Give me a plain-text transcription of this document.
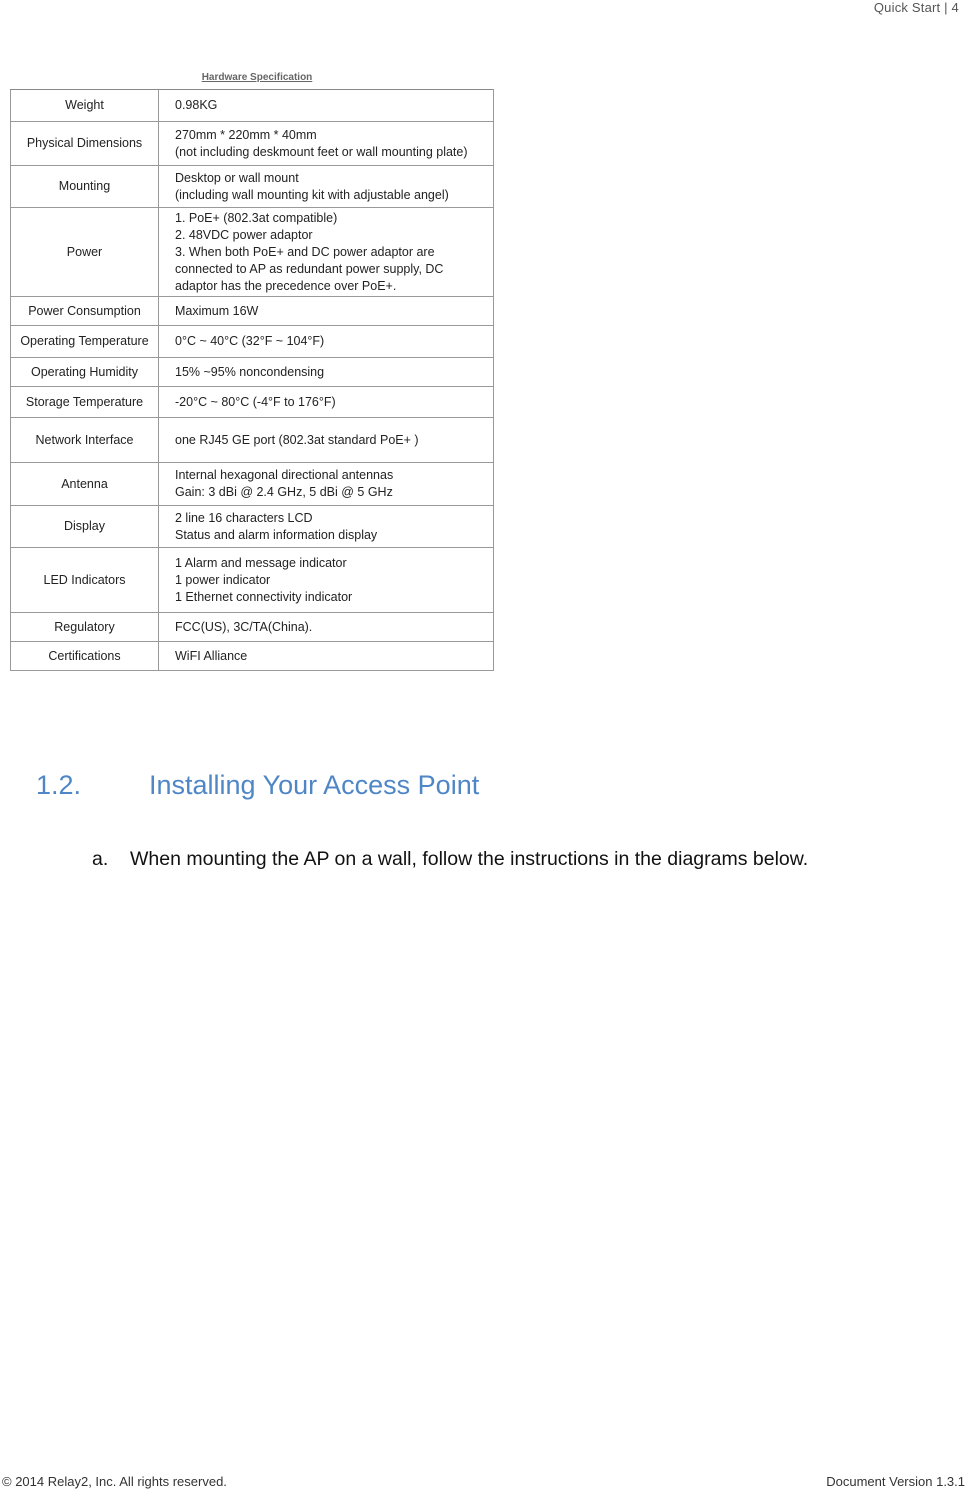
Quick Start | 4
Hardware Specification
Weight	0.98KG

Physical Dimensions	270mm * 220mm * 40mm
(not including deskmount feet or wall mounting plate)

Mounting	Desktop or wall mount
(including wall mounting kit with adjustable angel)

Power	1. PoE+ (802.3at compatible)
2. 48VDC power adaptor
3. When both PoE+ and DC power adaptor are
connected to AP as redundant power supply, DC
adaptor has the precedence over PoE+.

Power Consumption	Maximum 16W

Operating Temperature	0°C ~ 40°C (32°F ~ 104°F)

Operating Humidity	15% ~95% noncondensing

Storage Temperature	-20°C ~ 80°C (-4°F to 176°F)

Network Interface	one RJ45 GE port (802.3at standard PoE+ )

Antenna	Internal hexagonal directional antennas
Gain: 3 dBi @ 2.4 GHz, 5 dBi @ 5 GHz

Display	2 line 16 characters LCD
Status and alarm information display

LED Indicators	1 Alarm and message indicator
1 power indicator
1 Ethernet connectivity indicator

Regulatory	FCC(US), 3C/TA(China).

Certifications	WiFI Alliance
1.2.	Installing Your Access Point
a. When mounting the AP on a wall, follow the instructions in the diagrams below.
© 2014 Relay2, Inc. All rights reserved.	Document Version 1.3.1
